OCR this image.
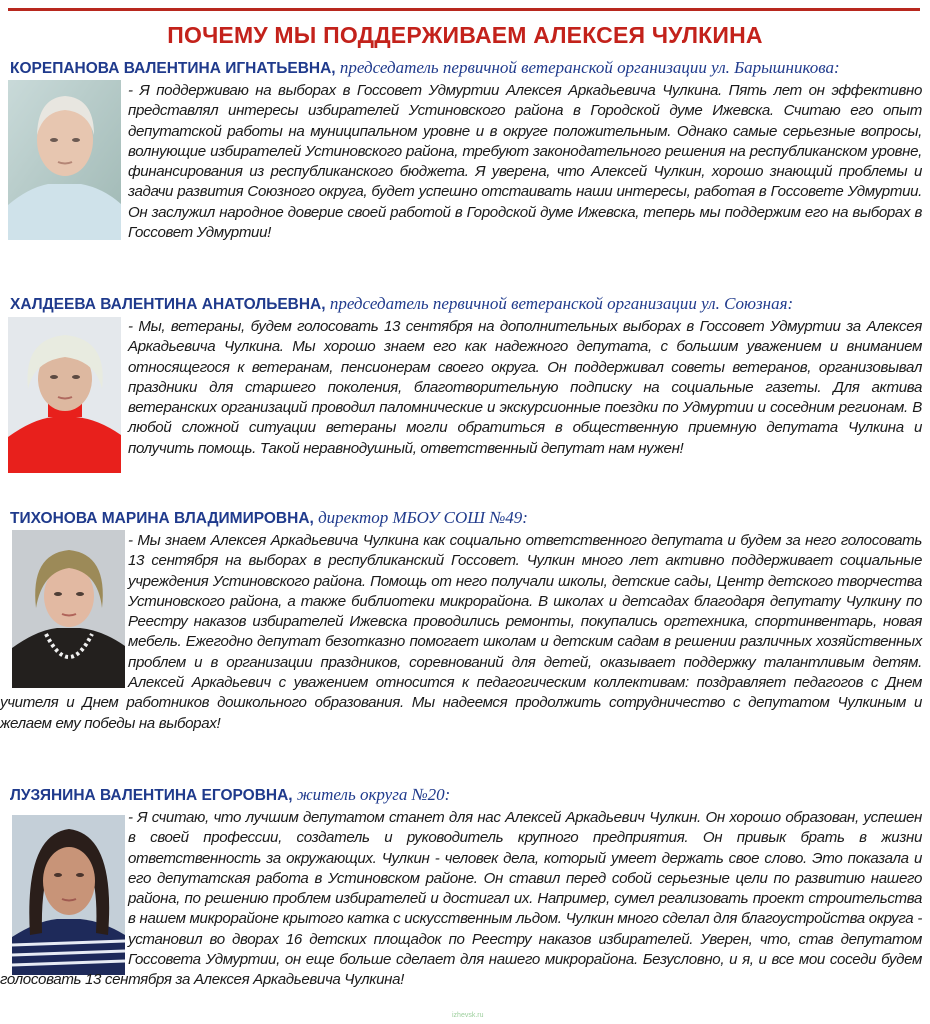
ПОЧЕМУ МЫ ПОДДЕРЖИВАЕМ АЛЕКСЕЯ ЧУЛКИНА
КОРЕПАНОВА ВАЛЕНТИНА ИГНАТЬЕВНА, председатель первичной ветеранской организации ул. Барышникова:
- Я поддерживаю на выборах в Госсовет Удмуртии Алексея Аркадьевича Чулкина. Пять лет он эффективно представлял интересы избирателей Устиновского района в Городской думе Ижевска. Считаю его опыт депутатской работы на муниципальном уровне и в округе положительным. Однако самые серьезные вопросы, волнующие избирателей Устиновского района, требуют законодательного решения на республиканском уровне, финансирования из республиканского бюджета. Я уверена, что Алексей Чулкин, хорошо знающий проблемы и задачи развития Союзного округа, будет успешно отстаивать наши интересы, работая в Госсовете Удмуртии. Он заслужил народное доверие своей работой в Городской думе Ижевска, теперь мы поддержим его на выборах в Госсовет Удмуртии!
ХАЛДЕЕВА ВАЛЕНТИНА АНАТОЛЬЕВНА, председатель первичной ветеранской организации ул. Союзная:
- Мы, ветераны, будем голосовать 13 сентября на дополнительных выборах в Госсовет Удмуртии за Алексея Аркадьевича Чулкина. Мы хорошо знаем его как надежного депутата, с большим уважением и вниманием относящегося к ветеранам, пенсионерам своего округа. Он поддерживал советы ветеранов, организовывал праздники для старшего поколения, благотворительную подписку на социальные газеты. Для актива ветеранских организаций проводил паломнические и экскурсионные поездки по Удмуртии и соседним регионам. В любой сложной ситуации ветераны могли обратиться в общественную приемную депутата Чулкина и получить помощь. Такой неравнодушный, ответственный депутат нам нужен!
ТИХОНОВА МАРИНА ВЛАДИМИРОВНА, директор МБОУ СОШ №49:
- Мы знаем Алексея Аркадьевича Чулкина как социально ответственного депутата и будем за него голосовать 13 сентября на выборах в республиканский Госсовет. Чулкин много лет активно поддерживает социальные учреждения Устиновского района. Помощь от него получали школы, детские сады, Центр детского творчества Устиновского района, а также библиотеки микрорайона. В школах и детсадах благодаря депутату Чулкину по Реестру наказов избирателей Ижевска проводились ремонты, покупались оргтехника, спортинвентарь, новая мебель. Ежегодно депутат безотказно помогает школам и детским садам в решении различных хозяйственных проблем и в организации праздников, соревнований для детей, оказывает поддержку талантливым детям. Алексей Аркадьевич с уважением относится к педагогическим коллективам: поздравляет педагогов с Днем учителя и Днем работников дошкольного образования. Мы надеемся продолжить сотрудничество с депутатом Чулкиным и желаем ему победы на выборах!
ЛУЗЯНИНА ВАЛЕНТИНА ЕГОРОВНА, житель округа №20:
- Я считаю, что лучшим депутатом станет для нас Алексей Аркадьевич Чулкин. Он хорошо образован, успешен в своей профессии, создатель и руководитель крупного предприятия. Он привык брать в жизни ответственность за окружающих. Чулкин - человек дела, который умеет держать свое слово. Это показала и его депутатская работа в Устиновском районе. Он ставил перед собой серьезные цели по развитию нашего района, по решению проблем избирателей и достигал их. Например, сумел реализовать проект строительства в нашем микрорайоне крытого катка с искусственным льдом. Чулкин много сделал для благоустройства округа - установил во дворах 16 детских площадок по Реестру наказов избирателей. Уверен, что, став депутатом Госсовета Удмуртии, он еще больше сделает для нашего микрорайона. Безусловно, и я, и все мои соседи будем голосовать 13 сентября за Алексея Аркадьевича Чулкина!
izhevsk.ru
